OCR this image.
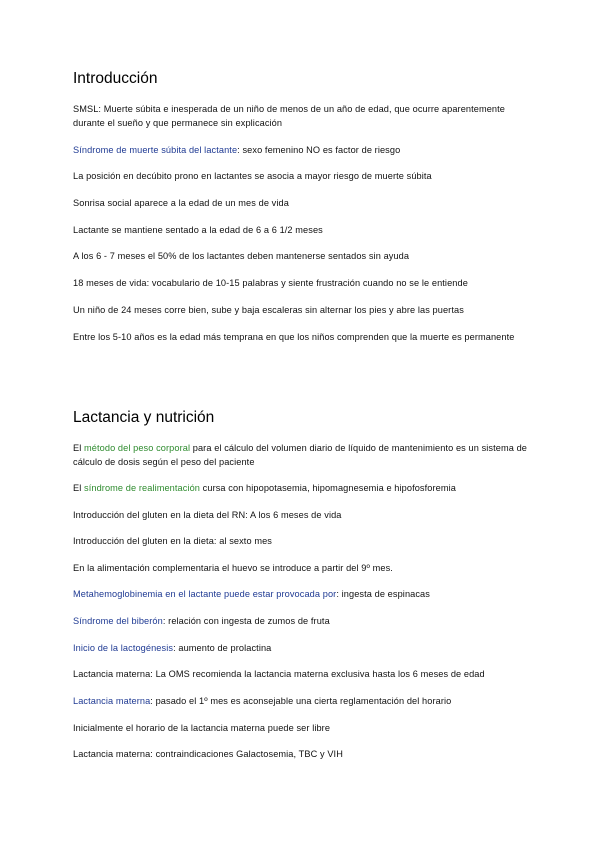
Introducción
SMSL: Muerte súbita e inesperada de un niño de menos de un año de edad, que ocurre aparentemente durante el sueño y que permanece sin explicación
Síndrome de muerte súbita del lactante: sexo femenino NO es factor de riesgo
La posición en decúbito prono en lactantes se asocia a mayor riesgo de muerte súbita
Sonrisa social aparece a la edad de un mes de vida
Lactante se mantiene sentado a la edad de 6 a 6 1/2 meses
A los 6 - 7 meses el 50% de los lactantes deben mantenerse sentados sin ayuda
18 meses de vida: vocabulario de 10-15 palabras y siente frustración cuando no se le entiende
Un niño de 24 meses corre bien, sube y baja escaleras sin alternar los pies y abre las puertas
Entre los 5-10 años es la edad más temprana en que los niños comprenden que la muerte es permanente
Lactancia y nutrición
El método del peso corporal para el cálculo del volumen diario de líquido de mantenimiento es un sistema de cálculo de dosis según el peso del paciente
El síndrome de realimentación cursa con hipopotasemia, hipomagnesemia e hipofosforemia
Introducción del gluten en la dieta del RN: A los 6 meses de vida
Introducción del gluten en la dieta: al sexto mes
En la alimentación complementaria el huevo se introduce a partir del 9º mes.
Metahemoglobinemia en el lactante puede estar provocada por: ingesta de espinacas
Síndrome del biberón: relación con ingesta de zumos de fruta
Inicio de la lactogénesis: aumento de prolactina
Lactancia materna: La OMS recomienda la lactancia materna exclusiva hasta los 6 meses de edad
Lactancia materna: pasado el 1º mes es aconsejable una cierta reglamentación del horario
Inicialmente el horario de la lactancia materna puede ser libre
Lactancia materna: contraindicaciones Galactosemia, TBC y VIH
